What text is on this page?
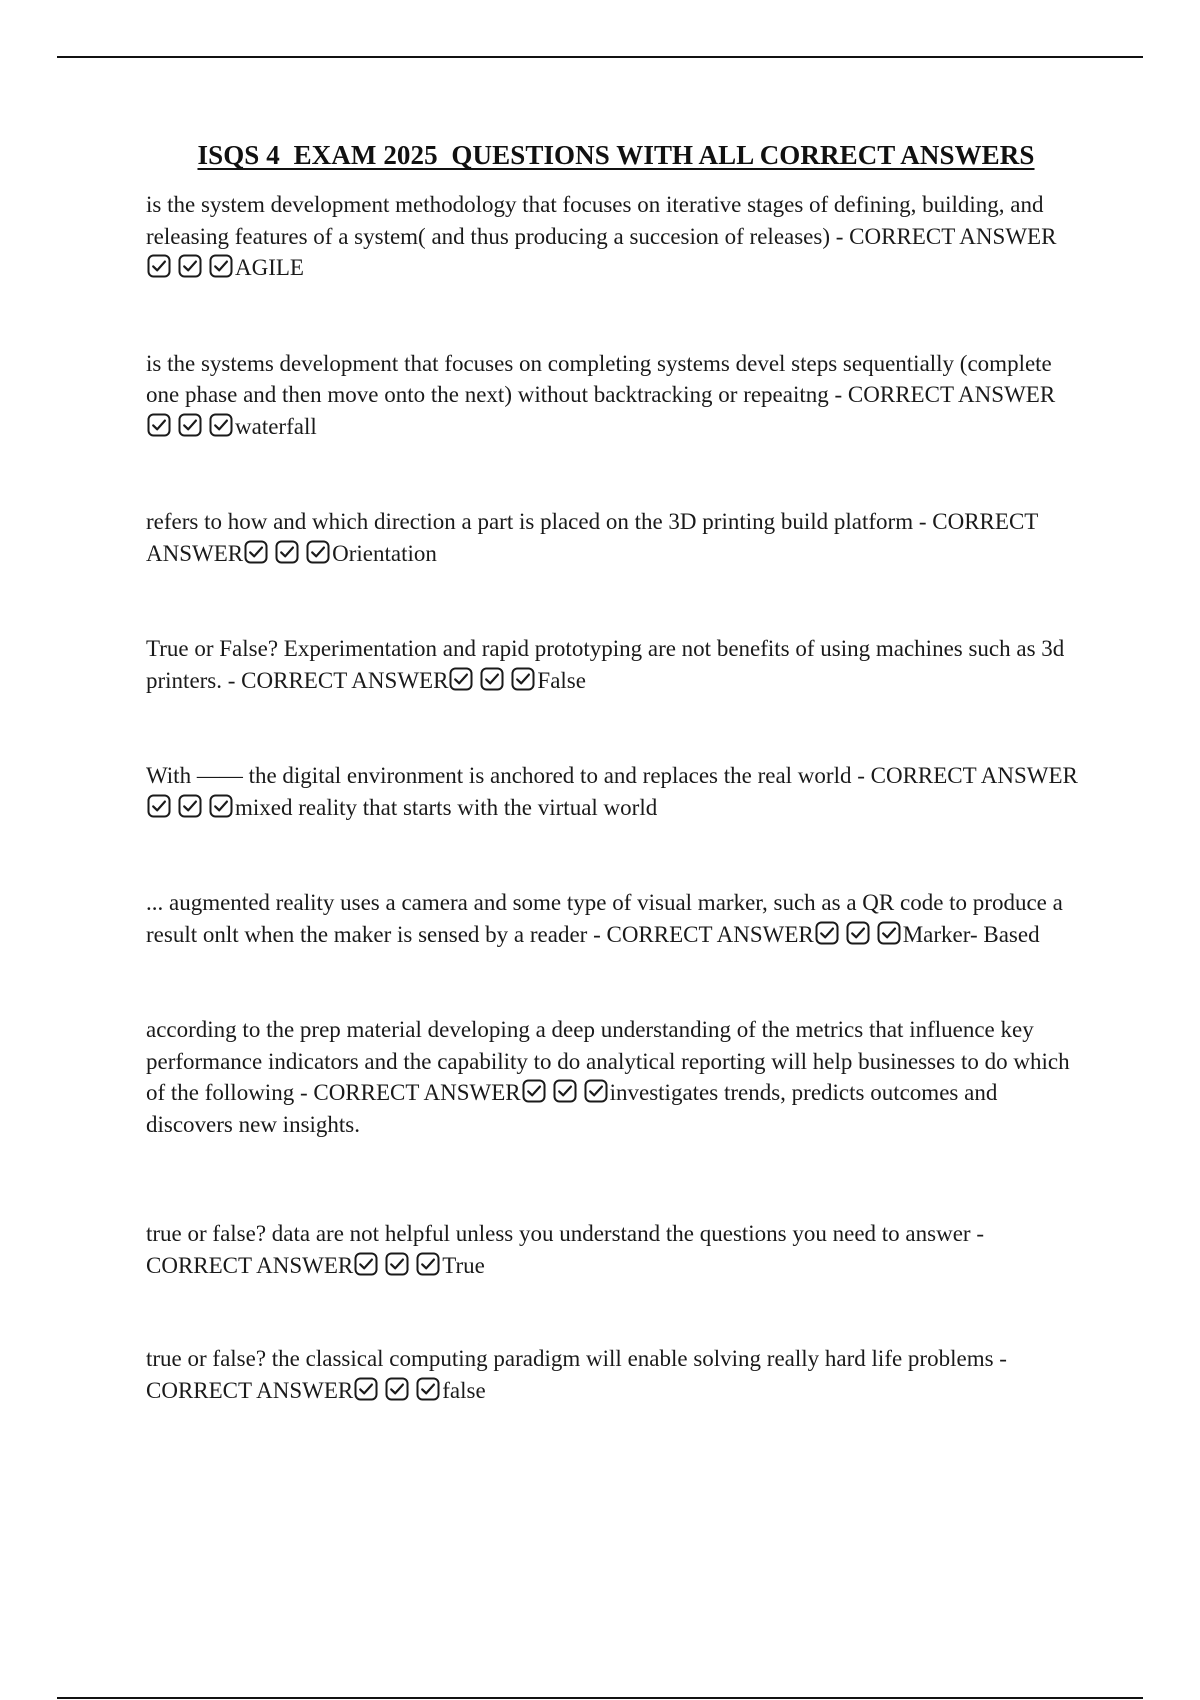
ISQS 4  EXAM 2025  QUESTIONS WITH ALL CORRECT ANSWERS

is the system development methodology that focuses on iterative stages of defining, building, and releasing features of a system( and thus producing a succesion of releases) - CORRECT ANSWER
AGILE

is the systems development that focuses on completing systems devel steps sequentially (complete one phase and then move onto the next) without backtracking or repeaitng - CORRECT ANSWER
waterfall

refers to how and which direction a part is placed on the 3D printing build platform - CORRECT ANSWER	Orientation

True or False? Experimentation and rapid prototyping are not benefits of using machines such as 3d printers. - CORRECT ANSWER	False

With —— the digital environment is anchored to and replaces the real world - CORRECT ANSWER
mixed reality that starts with the virtual world

... augmented reality uses a camera and some type of visual marker, such as a QR code to produce a result onlt when the maker is sensed by a reader - CORRECT ANSWER	Marker- Based

according to the prep material developing a deep understanding of the metrics that influence key performance indicators and the capability to do analytical reporting will help businesses to do which of the following - CORRECT ANSWER	investigates trends, predicts outcomes and discovers new insights.

true or false? data are not helpful unless you understand the questions you need to answer - CORRECT ANSWER	True

true or false? the classical computing paradigm will enable solving really hard life problems - CORRECT ANSWER	false
